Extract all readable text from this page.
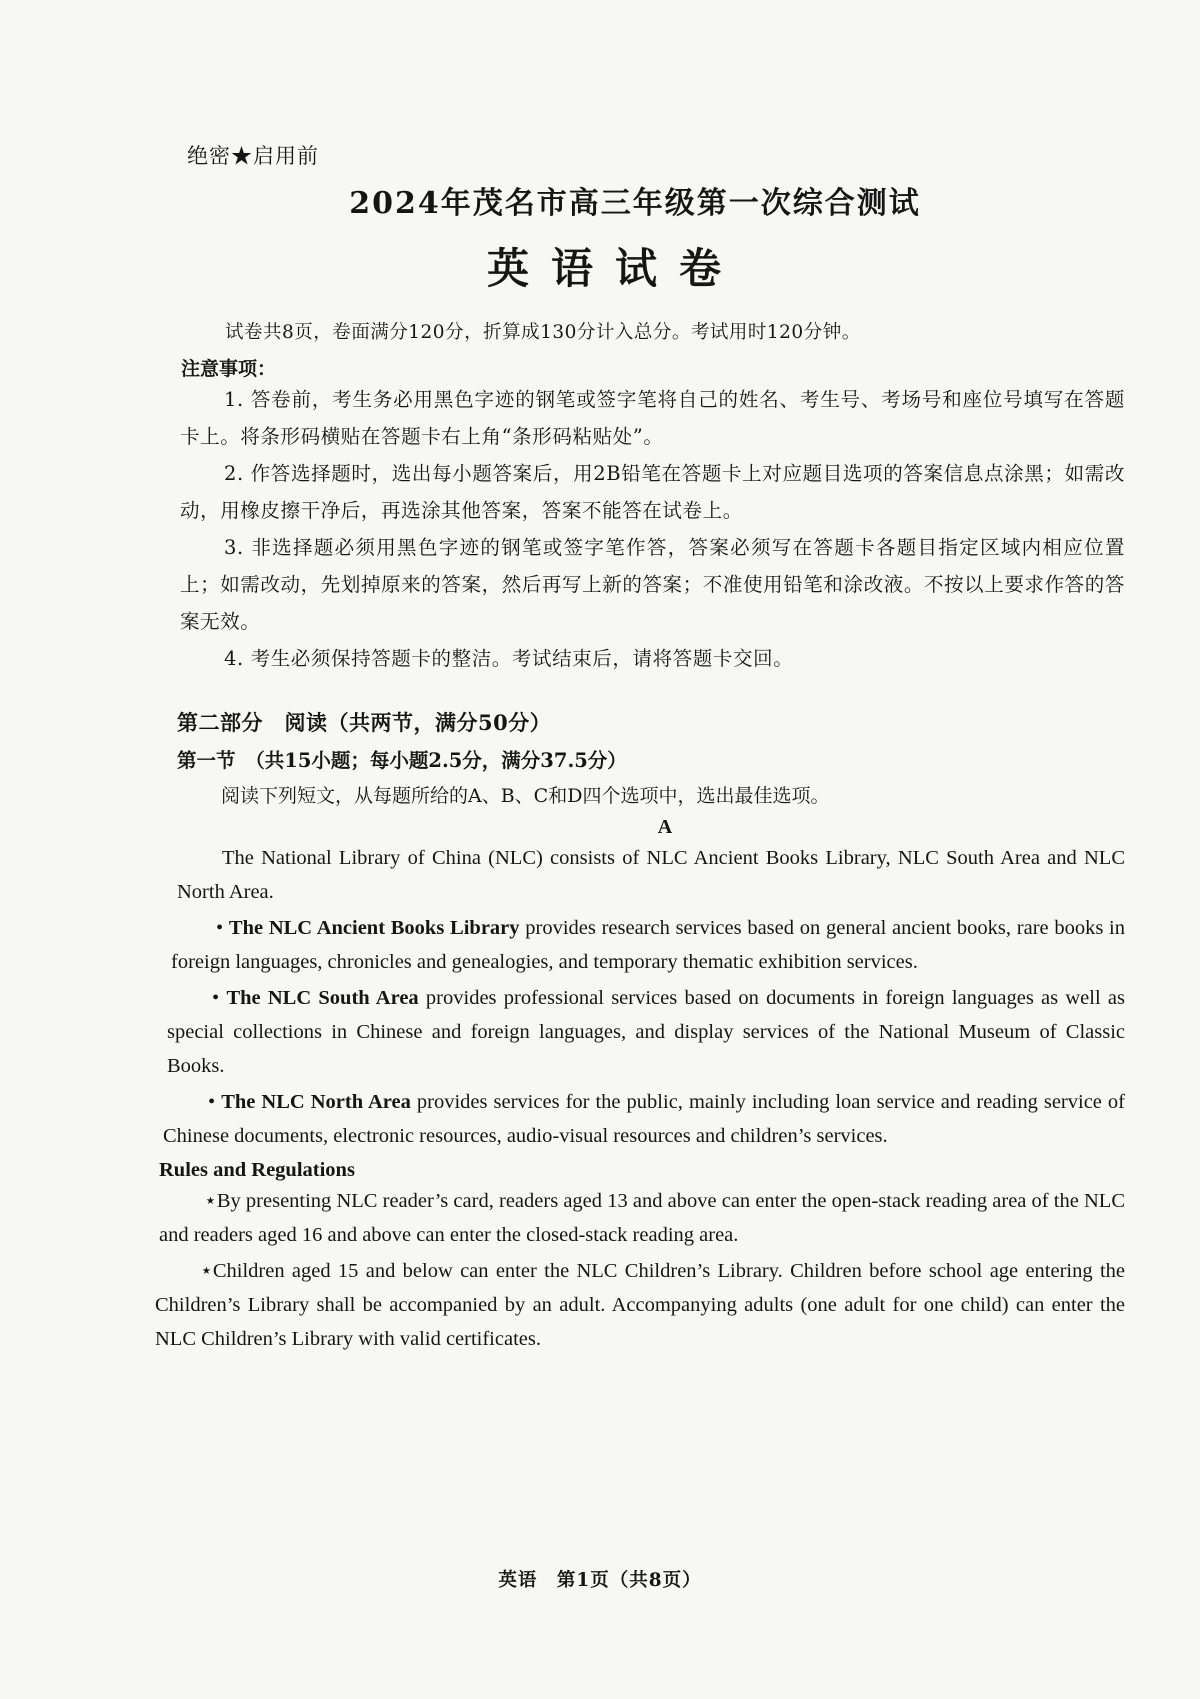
绝密★启用前
2024年茂名市高三年级第一次综合测试
英语试卷
试卷共8页，卷面满分120分，折算成130分计入总分。考试用时120分钟。
注意事项：
1. 答卷前，考生务必用黑色字迹的钢笔或签字笔将自己的姓名、考生号、考场号和座位号填写在答题卡上。将条形码横贴在答题卡右上角“条形码粘贴处”。
2. 作答选择题时，选出每小题答案后，用2B铅笔在答题卡上对应题目选项的答案信息点涂黑；如需改动，用橡皮擦干净后，再选涂其他答案，答案不能答在试卷上。
3. 非选择题必须用黑色字迹的钢笔或签字笔作答，答案必须写在答题卡各题目指定区域内相应位置上；如需改动，先划掉原来的答案，然后再写上新的答案；不准使用铅笔和涂改液。不按以上要求作答的答案无效。
4. 考生必须保持答题卡的整洁。考试结束后，请将答题卡交回。
第二部分　阅读（共两节，满分50分）
第一节　（共15小题；每小题2.5分，满分37.5分）
阅读下列短文，从每题所给的A、B、C和D四个选项中，选出最佳选项。
A
The National Library of China (NLC) consists of NLC Ancient Books Library, NLC South Area and NLC North Area.
• The NLC Ancient Books Library provides research services based on general ancient books, rare books in foreign languages, chronicles and genealogies, and temporary thematic exhibition services.
• The NLC South Area provides professional services based on documents in foreign languages as well as special collections in Chinese and foreign languages, and display services of the National Museum of Classic Books.
• The NLC North Area provides services for the public, mainly including loan service and reading service of Chinese documents, electronic resources, audio-visual resources and children’s services.
Rules and Regulations
⋆By presenting NLC reader’s card, readers aged 13 and above can enter the open-stack reading area of the NLC and readers aged 16 and above can enter the closed-stack reading area.
⋆Children aged 15 and below can enter the NLC Children’s Library. Children before school age entering the Children’s Library shall be accompanied by an adult. Accompanying adults (one adult for one child) can enter the NLC Children’s Library with valid certificates.
英语　第1页（共8页）
